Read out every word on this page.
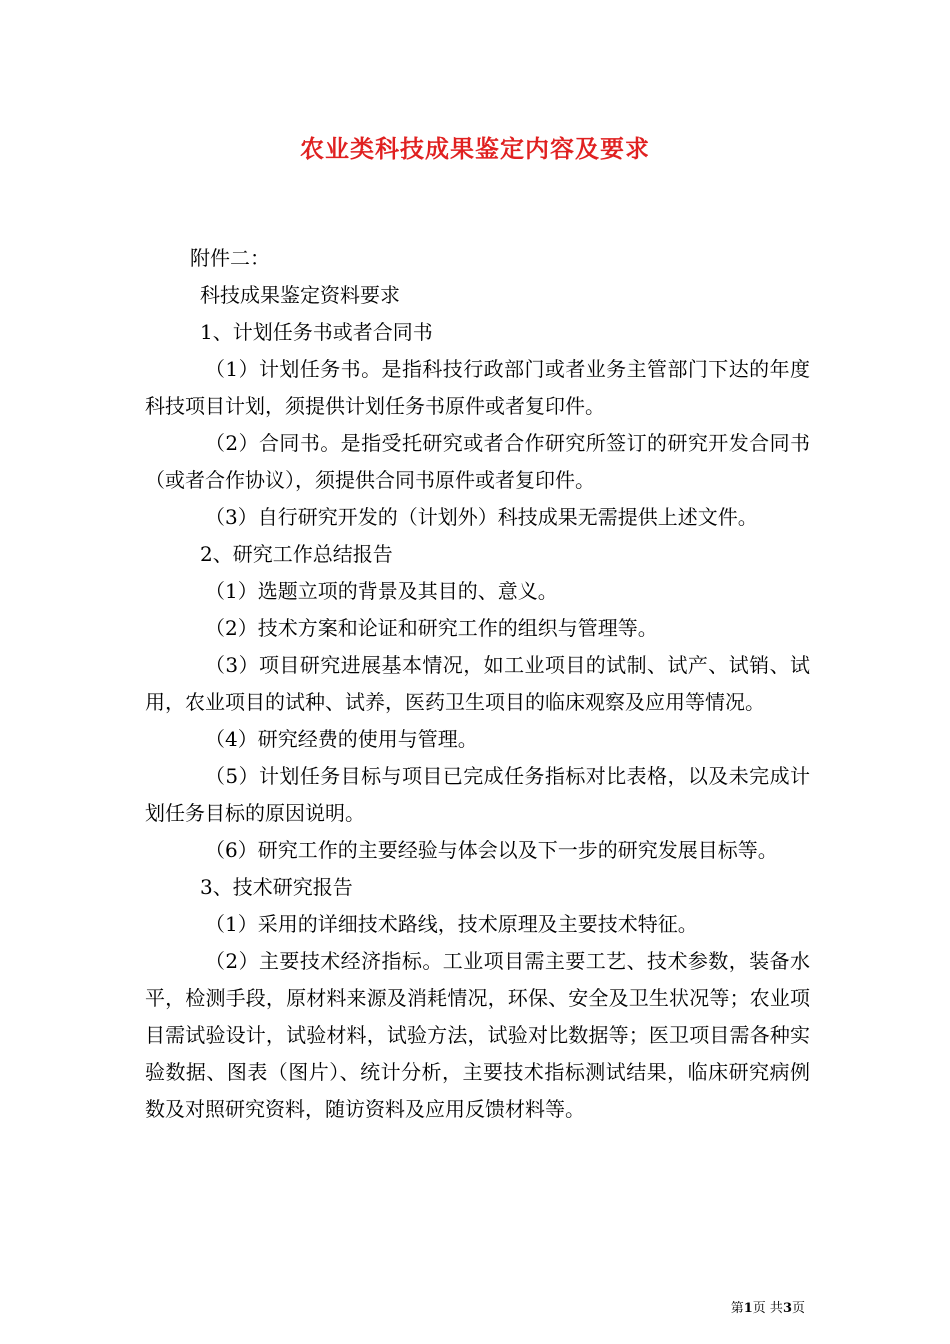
农业类科技成果鉴定内容及要求

附件二：

科技成果鉴定资料要求

1、计划任务书或者合同书

（1）计划任务书。是指科技行政部门或者业务主管部门下达的年度科技项目计划，须提供计划任务书原件或者复印件。

（2）合同书。是指受托研究或者合作研究所签订的研究开发合同书（或者合作协议），须提供合同书原件或者复印件。

（3）自行研究开发的（计划外）科技成果无需提供上述文件。

2、研究工作总结报告

（1）选题立项的背景及其目的、意义。

（2）技术方案和论证和研究工作的组织与管理等。

（3）项目研究进展基本情况，如工业项目的试制、试产、试销、试用，农业项目的试种、试养，医药卫生项目的临床观察及应用等情况。

（4）研究经费的使用与管理。

（5）计划任务目标与项目已完成任务指标对比表格，以及未完成计划任务目标的原因说明。

（6）研究工作的主要经验与体会以及下一步的研究发展目标等。

3、技术研究报告

（1）采用的详细技术路线，技术原理及主要技术特征。

（2）主要技术经济指标。工业项目需主要工艺、技术参数，装备水平，检测手段，原材料来源及消耗情况，环保、安全及卫生状况等；农业项目需试验设计，试验材料，试验方法，试验对比数据等；医卫项目需各种实验数据、图表（图片）、统计分析，主要技术指标测试结果，临床研究病例数及对照研究资料，随访资料及应用反馈材料等。

第1页 共3页
